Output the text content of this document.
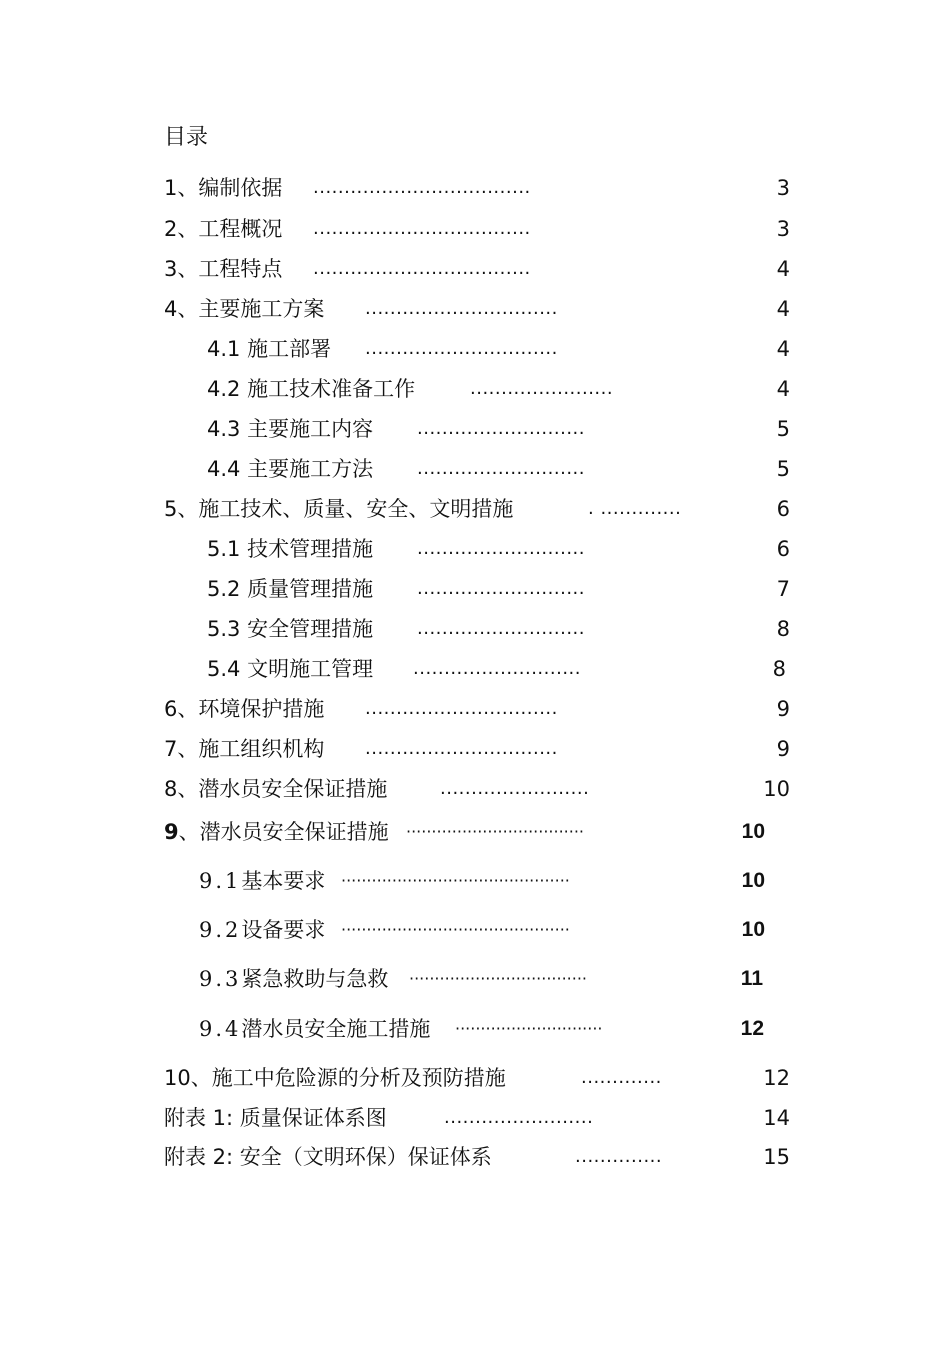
目录
1、编制依据 ...................................	3
2、工程概况 ...................................	3
3、工程特点 ...................................	4
4、主要施工方案 ...............................	4
4.1 施工部署 ...............................	4
4.2 施工技术准备工作	.......................	4
4.3 主要施工内容 ...........................	5
4.4 主要施工方法 ...........................	5
5、施工技术、质量、安全、文明措施	. .............	6
5.1 技术管理措施 ...........................	6
5.2 质量管理措施 ...........................	7
5.3 安全管理措施 ...........................	8
5.4 文明施工管理 ...........................	8
6、环境保护措施 ...............................	9
7、施工组织机构 ...............................	9
8、潜水员安全保证措施	........................	10
9、潜水员安全保证措施 ···································	10
9.1基本要求 ·············································	10
9.2设备要求 ·············································	10
9.3紧急救助与急救 ···································	11
9.4潜水员安全施工措施 ·····························	12
10、施工中危险源的分析及预防措施	.............	12
附表 1: 质量保证体系图	........................	14
附表 2: 安全（文明环保）保证体系	..............	15
